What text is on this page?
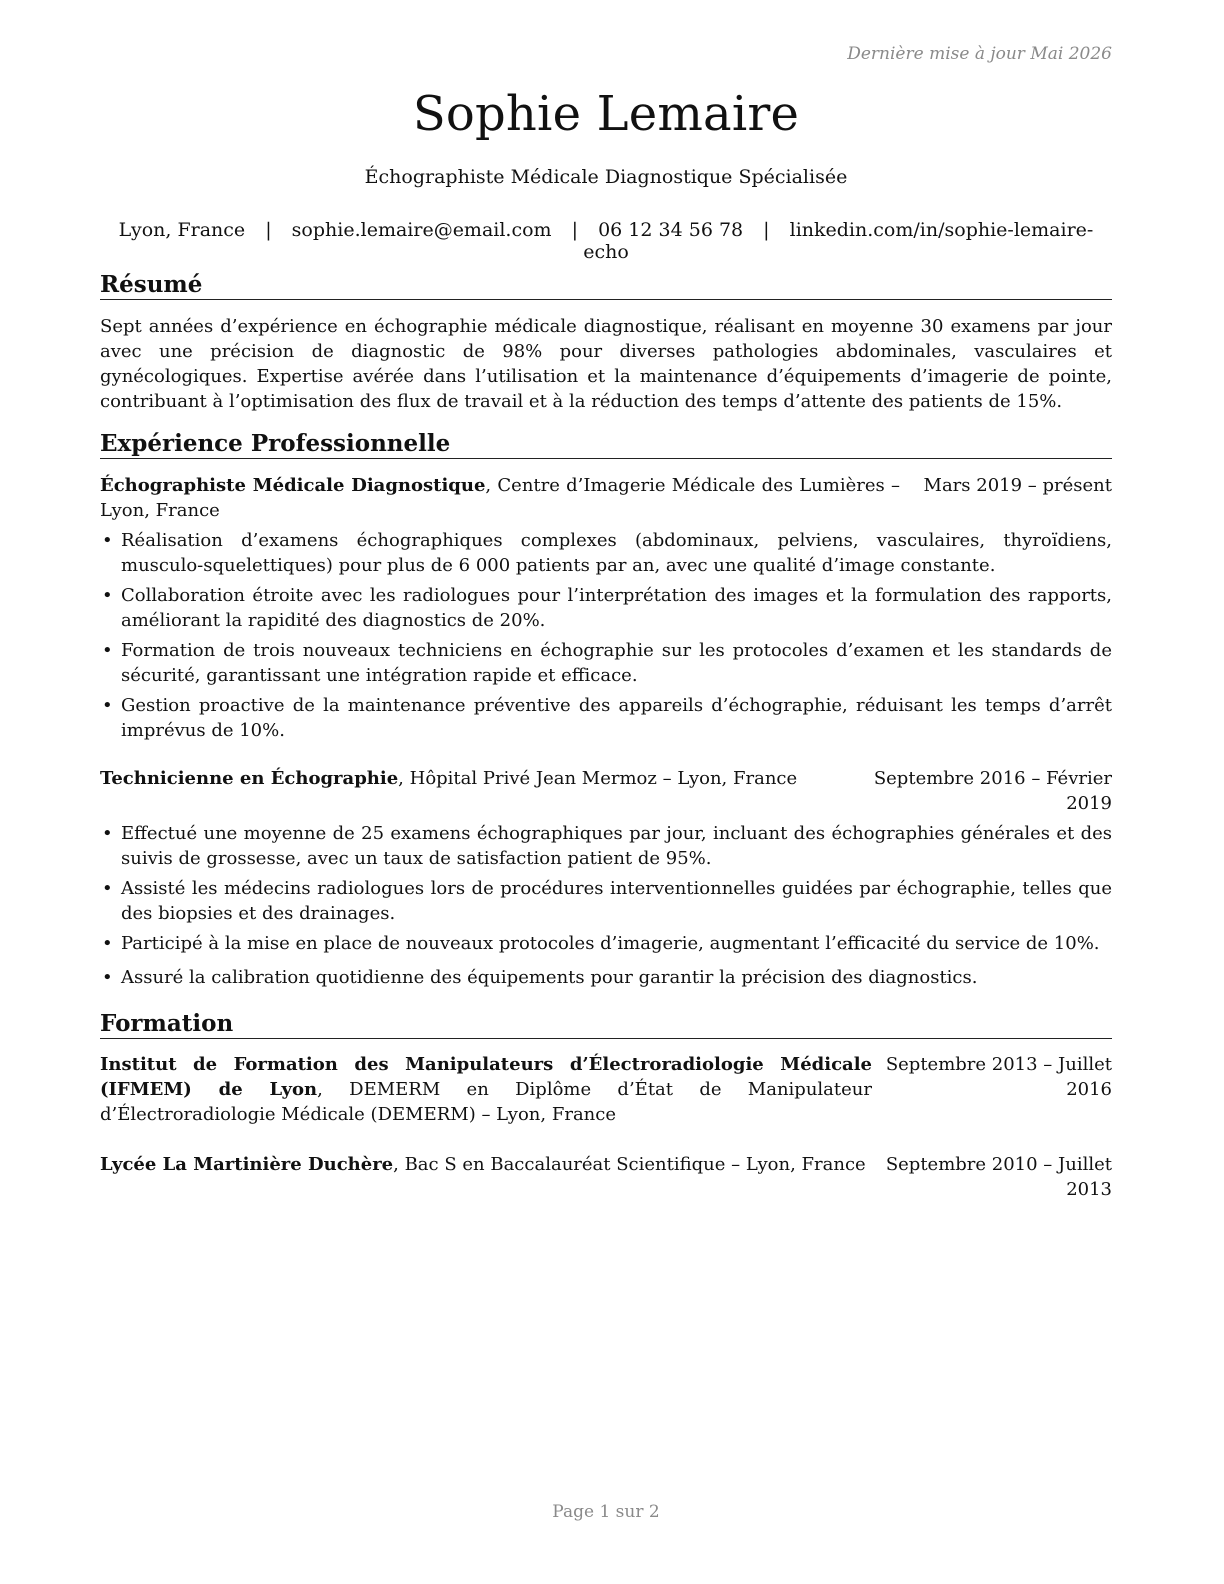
Dernière mise à jour Mai 2026
Sophie Lemaire
Échographiste Médicale Diagnostique Spécialisée
Lyon, France | sophie.lemaire@email.com | 06 12 34 56 78 | linkedin.com/in/sophie-lemaire-echo
Résumé

Sept années d’expérience en échographie médicale diagnostique, réalisant en moyenne 30 examens par jour avec une précision de diagnostic de 98% pour diverses pathologies abdominales, vasculaires et gynécologiques. Expertise avérée dans l’utilisation et la maintenance d’équipements d’imagerie de pointe, contribuant à l’optimisation des flux de travail et à la réduction des temps d’attente des patients de 15%.

Expérience Professionnelle
Échographiste Médicale Diagnostique, Centre d’Imagerie Médicale des Lumières – Lyon, France
Mars 2019 – présent
• Réalisation d’examens échographiques complexes (abdominaux, pelviens, vasculaires, thyroïdiens, musculo-squelettiques) pour plus de 6 000 patients par an, avec une qualité d’image constante.
• Collaboration étroite avec les radiologues pour l’interprétation des images et la formulation des rapports, améliorant la rapidité des diagnostics de 20%.
• Formation de trois nouveaux techniciens en échographie sur les protocoles d’examen et les standards de sécurité, garantissant une intégration rapide et efficace.
• Gestion proactive de la maintenance préventive des appareils d’échographie, réduisant les temps d’arrêt imprévus de 10%.
Technicienne en Échographie, Hôpital Privé Jean Mermoz – Lyon, France	Septembre 2016 – Février 2019
• Effectué une moyenne de 25 examens échographiques par jour, incluant des échographies générales et des suivis de grossesse, avec un taux de satisfaction patient de 95%.
• Assisté les médecins radiologues lors de procédures interventionnelles guidées par échographie, telles que des biopsies et des drainages.
• Participé à la mise en place de nouveaux protocoles d’imagerie, augmentant l’efficacité du service de 10%.
• Assuré la calibration quotidienne des équipements pour garantir la précision des diagnostics.
Formation
Institut de Formation des Manipulateurs d’Électroradiologie Médicale (IFMEM) de Lyon, DEMERM en Diplôme d’État de Manipulateur d’Électroradiologie Médicale (DEMERM) – Lyon, France
Septembre 2013 – Juillet 2016
Lycée La Martinière Duchère, Bac S en Baccalauréat Scientifique – Lyon, France	Septembre 2010 – Juillet 2013
Page 1 sur 2
